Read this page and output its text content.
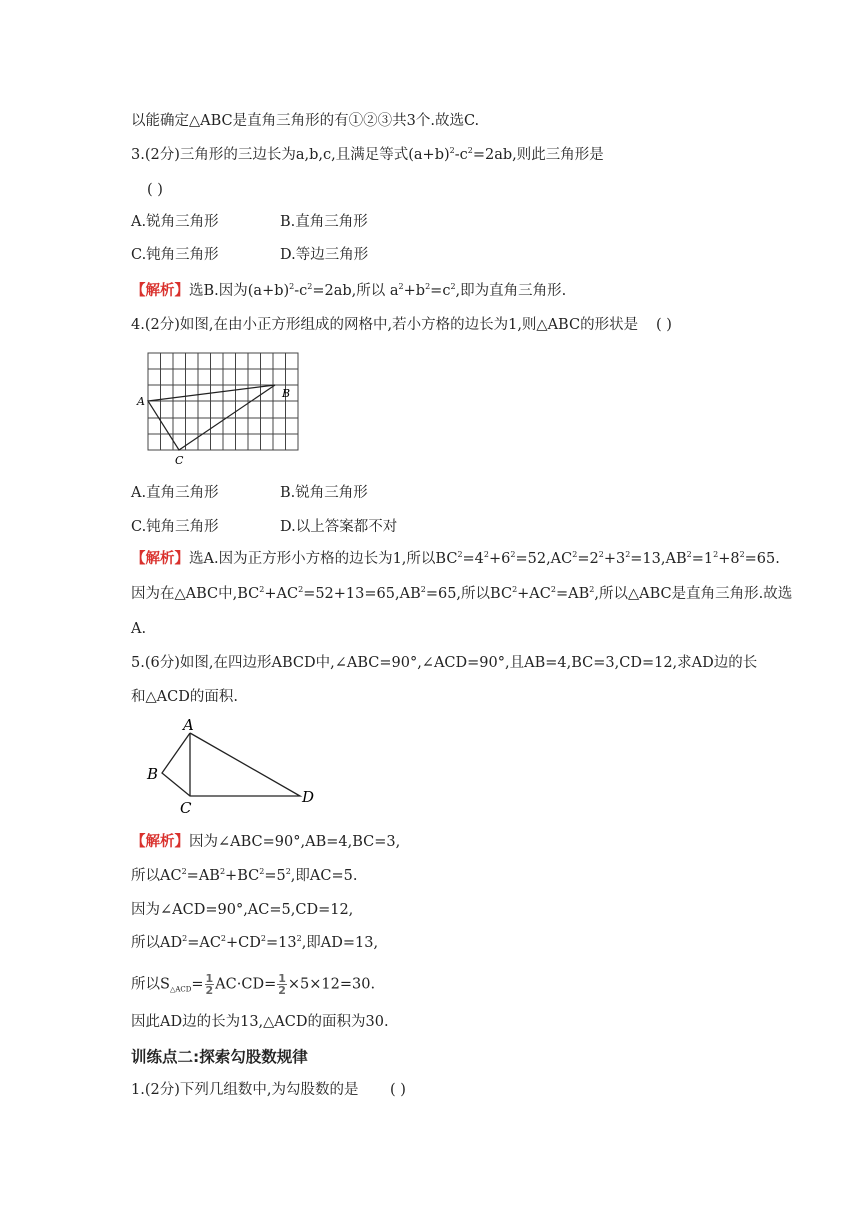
以能确定△ABC是直角三角形的有①②③共3个.故选C.
3.(2分)三角形的三边长为a,b,c,且满足等式$(a+b)^2-c^2=2ab$,则此三角形是
( )
A.锐角三角形	B.直角三角形
C.钝角三角形	D.等边三角形
【解析】选B.因为$(a+b)^2-c^2=2ab$,所以 $a^2+b^2=c^2$,即为直角三角形.
4.(2分)如图,在由小正方形组成的网格中,若小方格的边长为1,则△ABC的形状是 ( )
A
B
C
A.直角三角形	B.锐角三角形
C.钝角三角形	D.以上答案都不对
【解析】选A.因为正方形小方格的边长为1,所以$BC^2=4^2+6^2=52,AC^2=2^2+3^2=13,AB^2=1^2+8^2=65$.
因为在△ABC中$,BC^2+AC^2=52+13=65,AB^2=65$,所以$BC^2+AC^2=AB^2$,所以△ABC是直角三角形.故选
A.
5.(6分)如图,在四边形ABCD中,∠ABC=90°,∠ACD=90°,且AB=4,BC=3,CD=12,求AD边的长
和△ACD的面积.
A
B
C
D
【解析】因为∠ABC=90°,AB=4,BC=3,
所以$AC^2=AB^2+BC^2=5^2$,即AC=5.
因为∠ACD=90°,AC=5,CD=12,
所以$AD^2=AC^2+CD^2=13^2$,即AD=13,
所以$S_{\triangle ACD}= \frac{1}{2} AC\cdot CD= \frac{1}{2} \times 5\times 12=30$.
因此AD边的长为13,△ACD的面积为30.
训练点二:探索勾股数规律
1.(2分)下列几组数中,为勾股数的是 ( )
